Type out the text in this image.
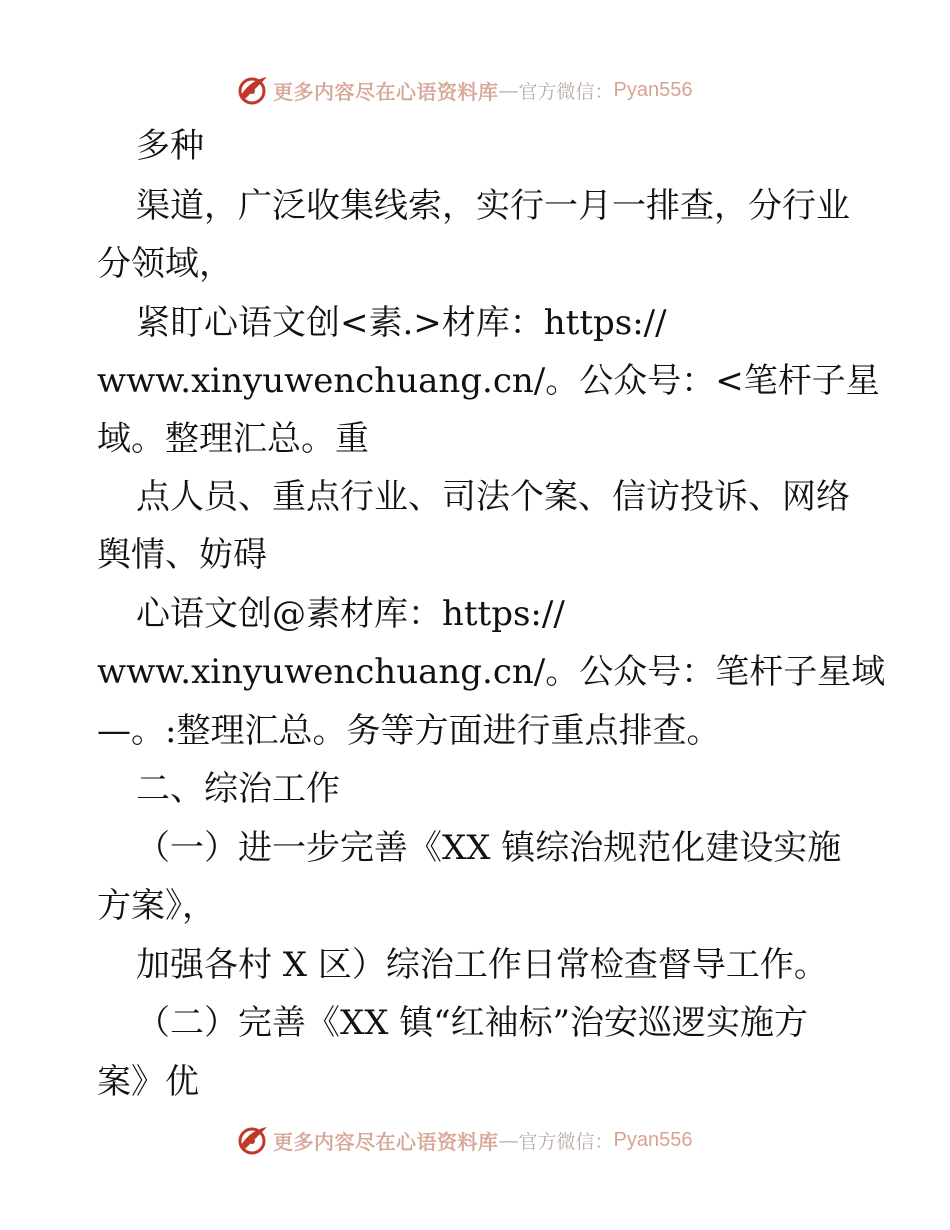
更多内容尽在心语资料库 — 官方微信： Pyan556
多种
渠道，广泛收集线索，实行一月一排查，分行业
分领域，
紧盯心语文创<素.>材库：https://
www.xinyuwenchuang.cn/。公众号：<笔杆子星
域。整理汇总。重
点人员、重点行业、司法个案、信访投诉、网络
舆情、妨碍
心语文创@素材库：https://
www.xinyuwenchuang.cn/。公众号：笔杆子星域
—。:整理汇总。务等方面进行重点排查。
二、综治工作
（一）进一步完善《XX 镇综治规范化建设实施
方案》，
加强各村 X 区）综治工作日常检查督导工作。
（二）完善《XX 镇“红袖标”治安巡逻实施方
案》优
更多内容尽在心语资料库 — 官方微信： Pyan556
